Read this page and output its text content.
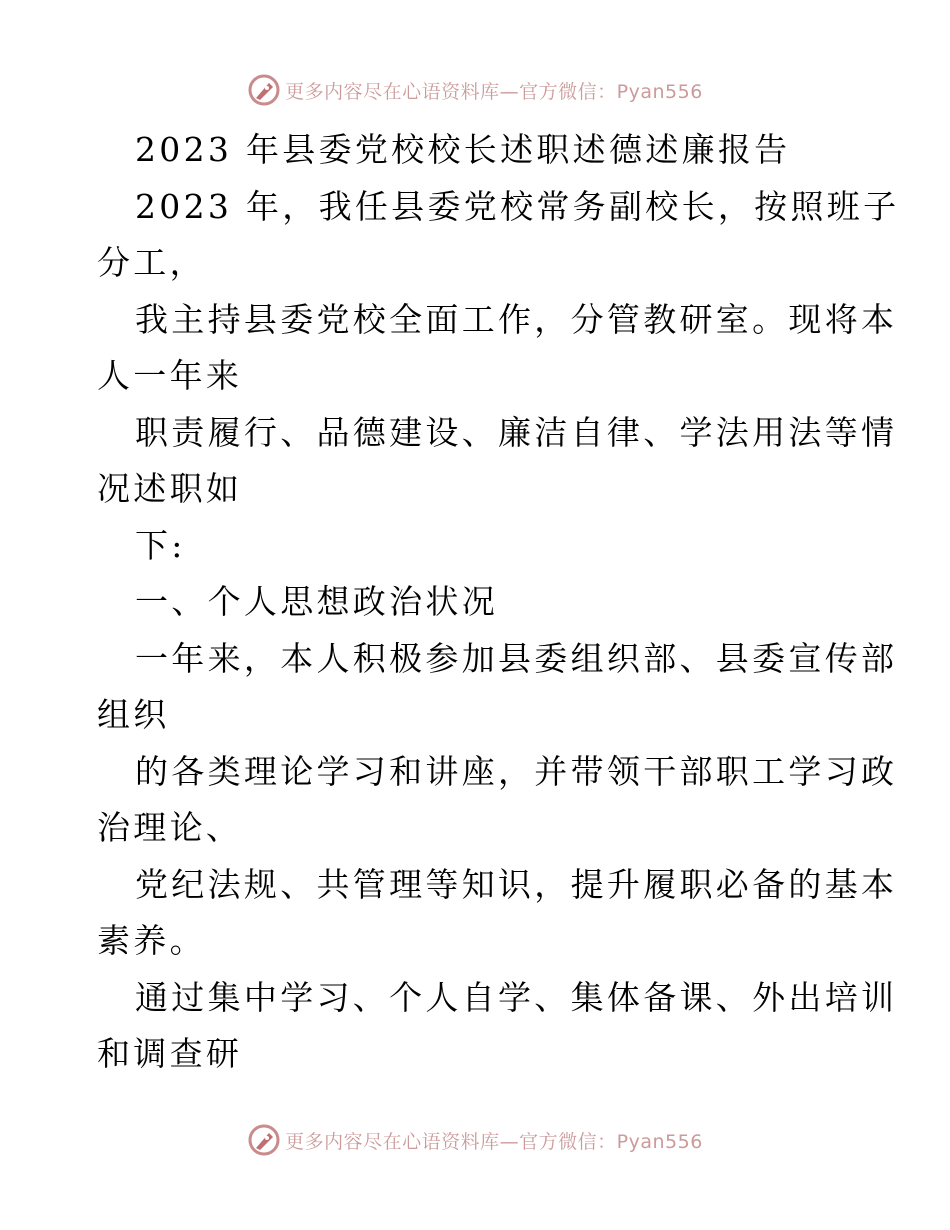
更多内容尽在心语资料库—官方微信：Pyan556
2023 年县委党校校长述职述德述廉报告
2023 年，我任县委党校常务副校长，按照班子
分工，
我主持县委党校全面工作，分管教研室。现将本
人一年来
职责履行、品德建设、廉洁自律、学法用法等情
况述职如
下:
一、个人思想政治状况
一年来，本人积极参加县委组织部、县委宣传部
组织
的各类理论学习和讲座，并带领干部职工学习政
治理论、
党纪法规、共管理等知识，提升履职必备的基本
素养。
通过集中学习、个人自学、集体备课、外出培训
和调查研
更多内容尽在心语资料库—官方微信：Pyan556
